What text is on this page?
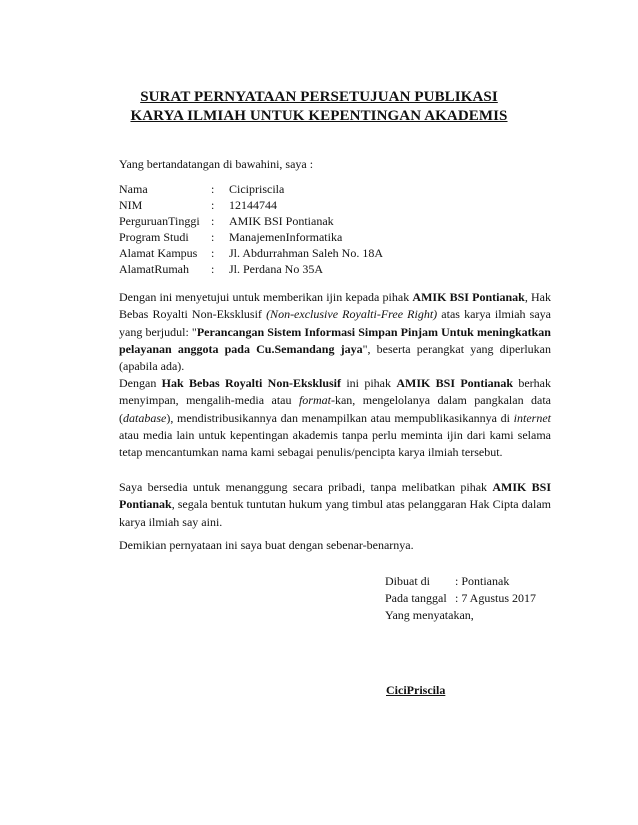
SURAT PERNYATAAN PERSETUJUAN PUBLIKASI
KARYA ILMIAH UNTUK KEPENTINGAN AKADEMIS
Yang bertandatangan di bawahini, saya :
Nama	: Cicipriscila
NIM	: 12144744
PerguruanTinggi : AMIK BSI Pontianak
Program Studi : ManajemenInformatika
Alamat Kampus : Jl. Abdurrahman Saleh No. 18A
AlamatRumah : Jl. Perdana No 35A
Dengan ini menyetujui untuk memberikan ijin kepada pihak AMIK BSI Pontianak, Hak Bebas Royalti Non-Eksklusif (Non-exclusive Royalti-Free Right) atas karya ilmiah saya yang berjudul: "Perancangan Sistem Informasi Simpan Pinjam Untuk meningkatkan pelayanan anggota pada Cu.Semandang jaya", beserta perangkat yang diperlukan (apabila ada).
Dengan Hak Bebas Royalti Non-Eksklusif ini pihak AMIK BSI Pontianak berhak menyimpan, mengalih-media atau format-kan, mengelolanya dalam pangkalan data (database), mendistribusikannya dan menampilkan atau mempublikasikannya di internet atau media lain untuk kepentingan akademis tanpa perlu meminta ijin dari kami selama tetap mencantumkan nama kami sebagai penulis/pencipta karya ilmiah tersebut.
Saya bersedia untuk menanggung secara pribadi, tanpa melibatkan pihak AMIK BSI Pontianak, segala bentuk tuntutan hukum yang timbul atas pelanggaran Hak Cipta dalam karya ilmiah say aini.
Demikian pernyataan ini saya buat dengan sebenar-benarnya.
Dibuat di : Pontianak
Pada tanggal : 7 Agustus 2017
Yang menyatakan,
CiciPriscila
